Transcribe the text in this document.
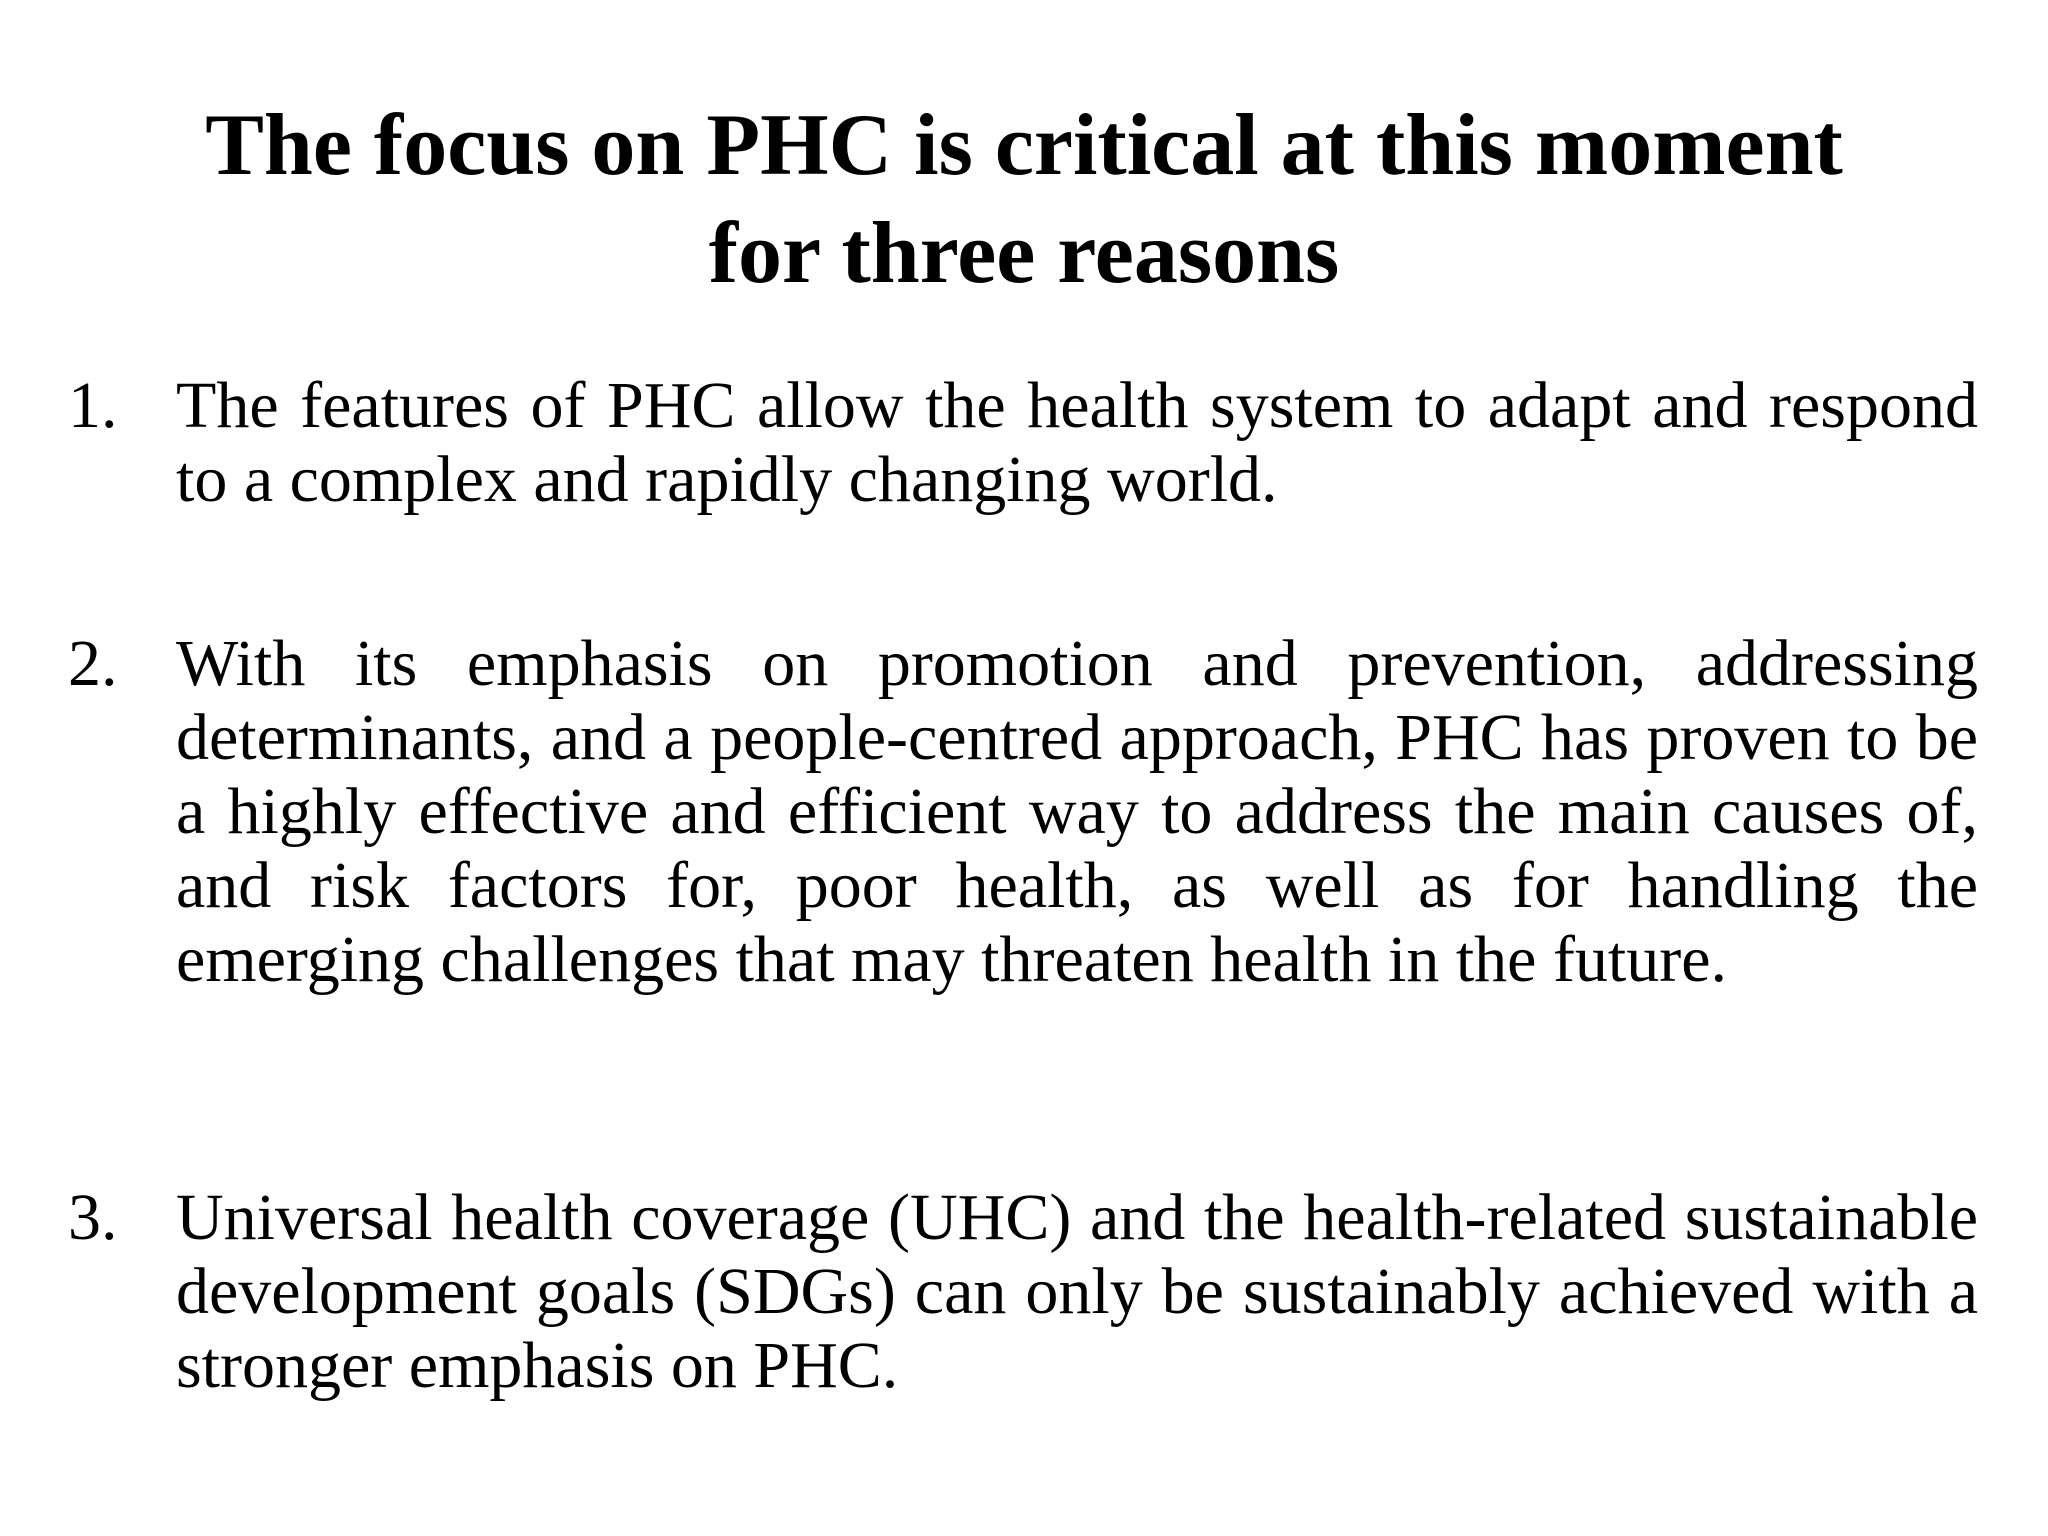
The focus on PHC is critical at this moment
for three reasons
1. The features of PHC allow the health system to adapt and respond to a complex and rapidly changing world.
2. With its emphasis on promotion and prevention, addressing determinants, and a people-centred approach, PHC has proven to be a highly effective and efficient way to address the main causes of, and risk factors for, poor health, as well as for handling the emerging challenges that may threaten health in the future.
3. Universal health coverage (UHC) and the health-related sustainable development goals (SDGs) can only be sustainably achieved with a stronger emphasis on PHC.
